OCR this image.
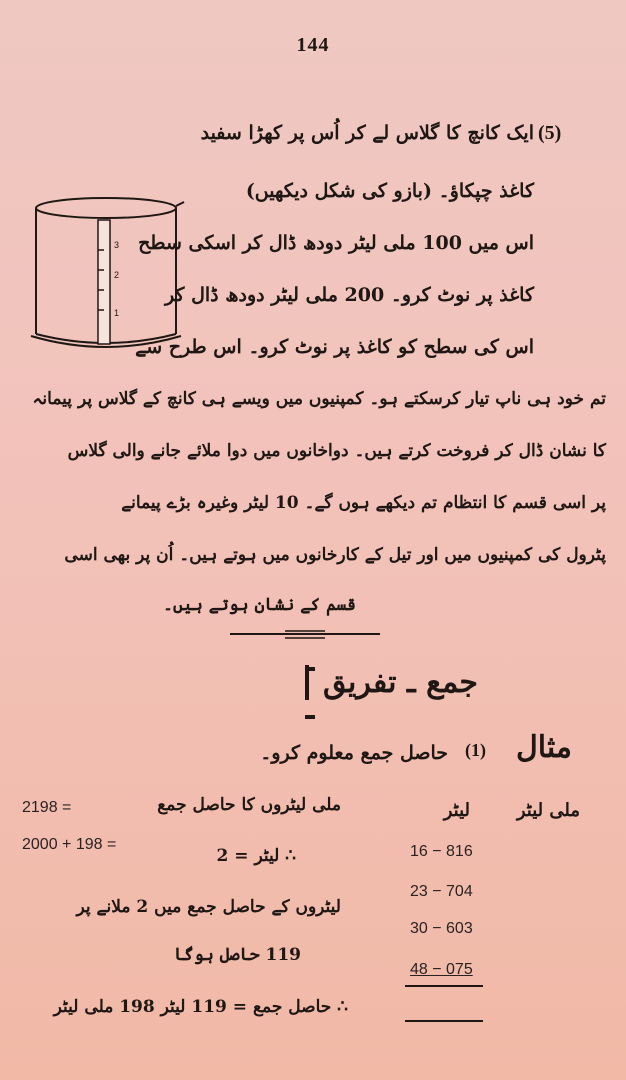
144
(5)
ایک کانچ کا گلاس لے کر اُس پر کھڑا سفید
کاغذ چپکاؤ۔ (بازو کی شکل دیکھیں)
اس میں 100 ملی لیٹر دودھ ڈال کر اسکی سطح
کاغذ پر نوٹ کرو۔ 200 ملی لیٹر دودھ ڈال کر
اس کی سطح کو کاغذ پر نوٹ کرو۔ اس طرح سے
تم خود ہی ناپ تیار کرسکتے ہو۔ کمپنیوں میں ویسے ہی کانچ کے گلاس پر پیمانہ
کا نشان ڈال کر فروخت کرتے ہیں۔ دواخانوں میں دوا ملائے جانے والی گلاس
پر اسی قسم کا انتظام تم دیکھے ہوں گے۔ 10 لیٹر وغیرہ بڑے پیمانے
پٹرول کی کمپنیوں میں اور تیل کے کارخانوں میں ہوتے ہیں۔ اُن پر بھی اسی
قسم کے نشان ہوتے ہیں۔
3
2
1
جمع ـ تفریق
مثال
(1)
حاصل جمع معلوم کرو۔
ملی لیٹر
لیٹر
16 − 816
23 − 704
30 − 603
48 − 075
ملی لیٹروں کا حاصل جمع
2198 =
2000 + 198 =
∴ لیٹر = 2
لیٹروں کے حاصل جمع میں 2 ملانے پر
119 حاصل ہوگا
∴ حاصل جمع = 119 لیٹر 198 ملی لیٹر
